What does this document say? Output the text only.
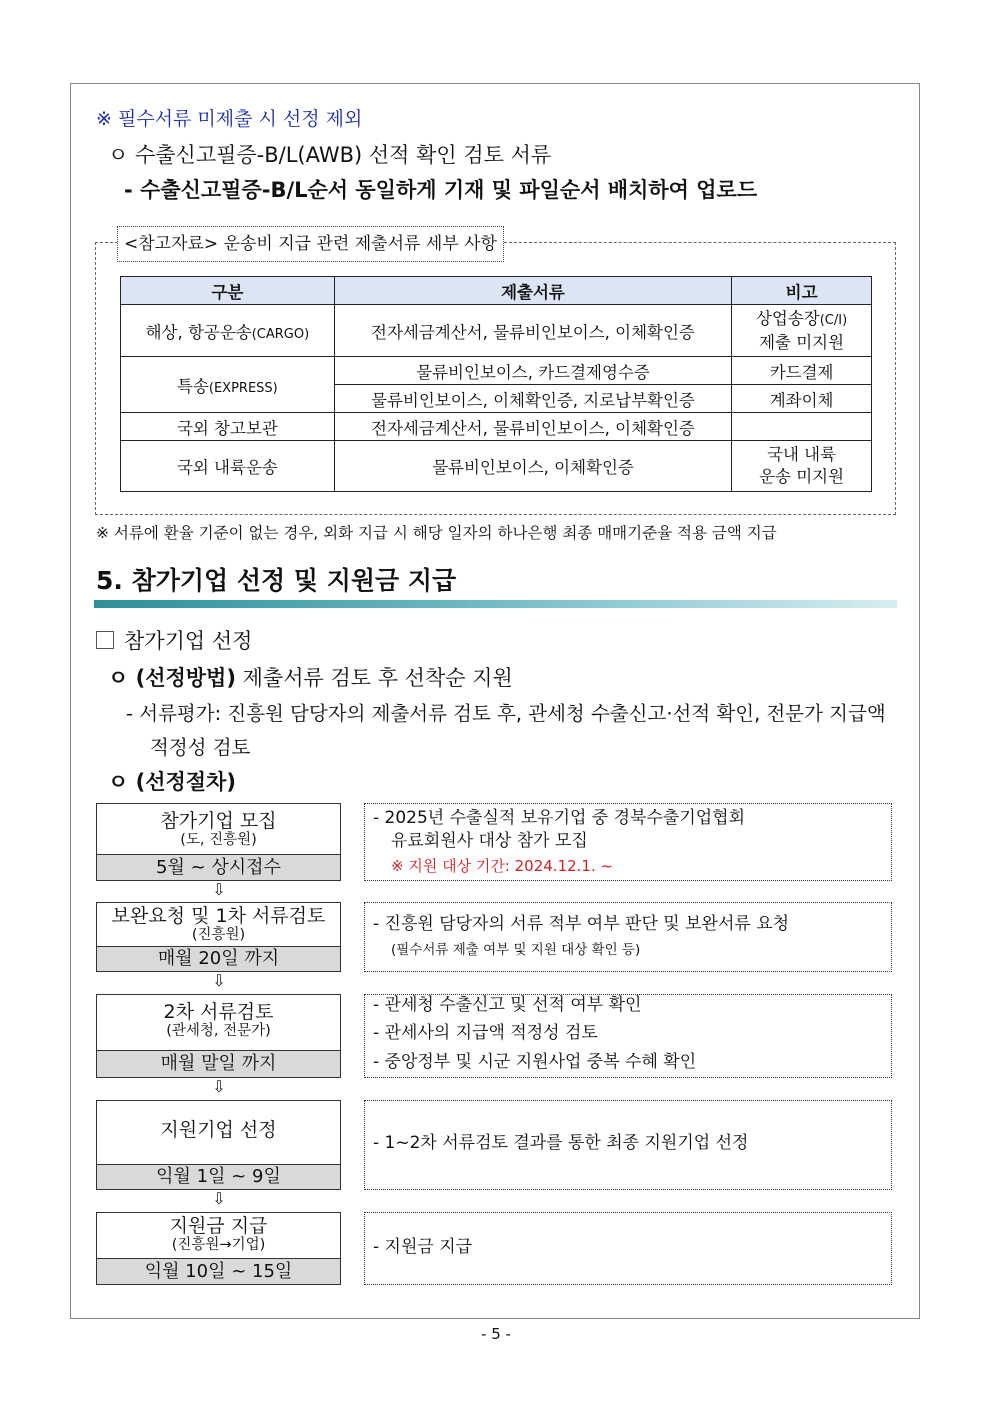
※ 필수서류 미제출 시 선정 제외
ㅇ 수출신고필증-B/L(AWB) 선적 확인 검토 서류
- 수출신고필증-B/L순서 동일하게 기재 및 파일순서 배치하여 업로드
<참고자료> 운송비 지급 관련 제출서류 세부 사항
구분	제출서류	비고
해상, 항공운송(CARGO)	전자세금계산서, 물류비인보이스, 이체확인증	상업송장(C/I)
제출 미지원
특송(EXPRESS)	물류비인보이스, 카드결제영수증	카드결제
	물류비인보이스, 이체확인증, 지로납부확인증	계좌이체
국외 창고보관	전자세금계산서, 물류비인보이스, 이체확인증	
국외 내륙운송	물류비인보이스, 이체확인증	국내 내륙
운송 미지원
※ 서류에 환율 기준이 없는 경우, 외화 지급 시 해당 일자의 하나은행 최종 매매기준율 적용 금액 지급
5. 참가기업 선정 및 지원금 지급
참가기업 선정
ㅇ (선정방법) 제출서류 검토 후 선착순 지원
- 서류평가: 진흥원 담당자의 제출서류 검토 후, 관세청 수출신고·선적 확인, 전문가 지급액
적정성 검토
ㅇ (선정절차)
참가기업 모집
(도, 진흥원)
5월 ~ 상시접수
- 2025년 수출실적 보유기업 중 경북수출기업협회
유료회원사 대상 참가 모집
※ 지원 대상 기간: 2024.12.1. ~
⇩
보완요청 및 1차 서류검토
(진흥원)
매월 20일 까지
- 진흥원 담당자의 서류 적부 여부 판단 및 보완서류 요청
(필수서류 제출 여부 및 지원 대상 확인 등)
⇩
2차 서류검토
(관세청, 전문가)
매월 말일 까지
- 관세청 수출신고 및 선적 여부 확인
- 관세사의 지급액 적정성 검토
- 중앙정부 및 시군 지원사업 중복 수혜 확인
⇩
지원기업 선정
익월 1일 ~ 9일
- 1~2차 서류검토 결과를 통한 최종 지원기업 선정
⇩
지원금 지급
(진흥원→기업)
익월 10일 ~ 15일
- 지원금 지급
- 5 -
